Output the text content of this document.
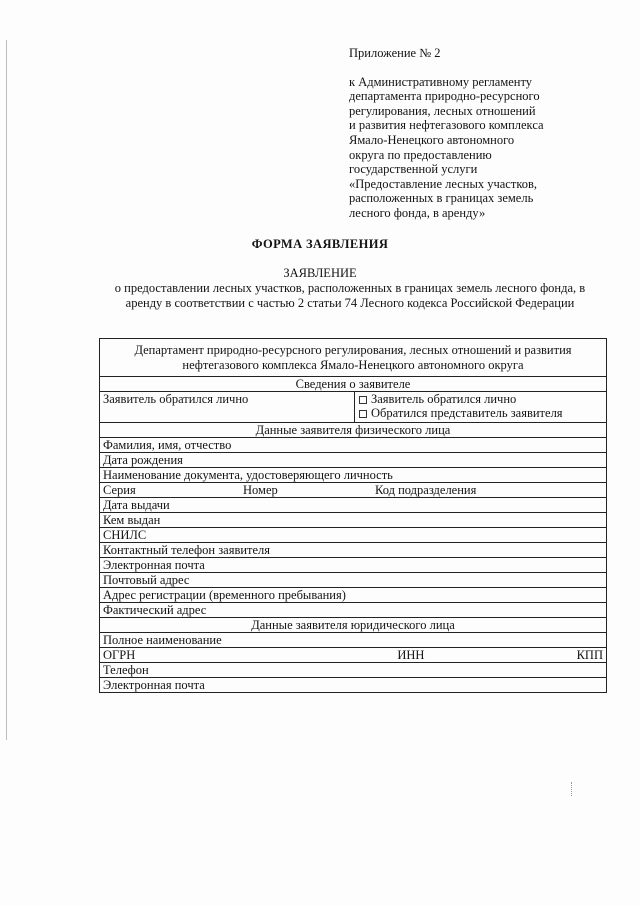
Приложение № 2
к Административному регламенту
департамента природно-ресурсного
регулирования, лесных отношений
и развития нефтегазового комплекса
Ямало-Ненецкого автономного
округа по предоставлению
государственной услуги
«Предоставление лесных участков,
расположенных в границах земель
лесного фонда, в аренду»
ФОРМА ЗАЯВЛЕНИЯ
ЗАЯВЛЕНИЕ
о предоставлении лесных участков, расположенных в границах земель лесного фонда, в аренду в соответствии с частью 2 статьи 74 Лесного кодекса Российской Федерации
Департамент природно-ресурсного регулирования, лесных отношений и развития нефтегазового комплекса Ямало-Ненецкого автономного округа
Сведения о заявителе
Заявитель обратился лично	Заявитель обратился лично
Обратился представитель заявителя

Данные заявителя физического лица
Фамилия, имя, отчество
Дата рождения
Наименование документа, удостоверяющего личность
Серия	Номер	Код подразделения
Дата выдачи
Кем выдан
СНИЛС
Контактный телефон заявителя
Электронная почта
Почтовый адрес
Адрес регистрации (временного пребывания)
Фактический адрес
Данные заявителя юридического лица
Полное наименование

ОГРН	ИНН	КПП

Телефон
Электронная почта
